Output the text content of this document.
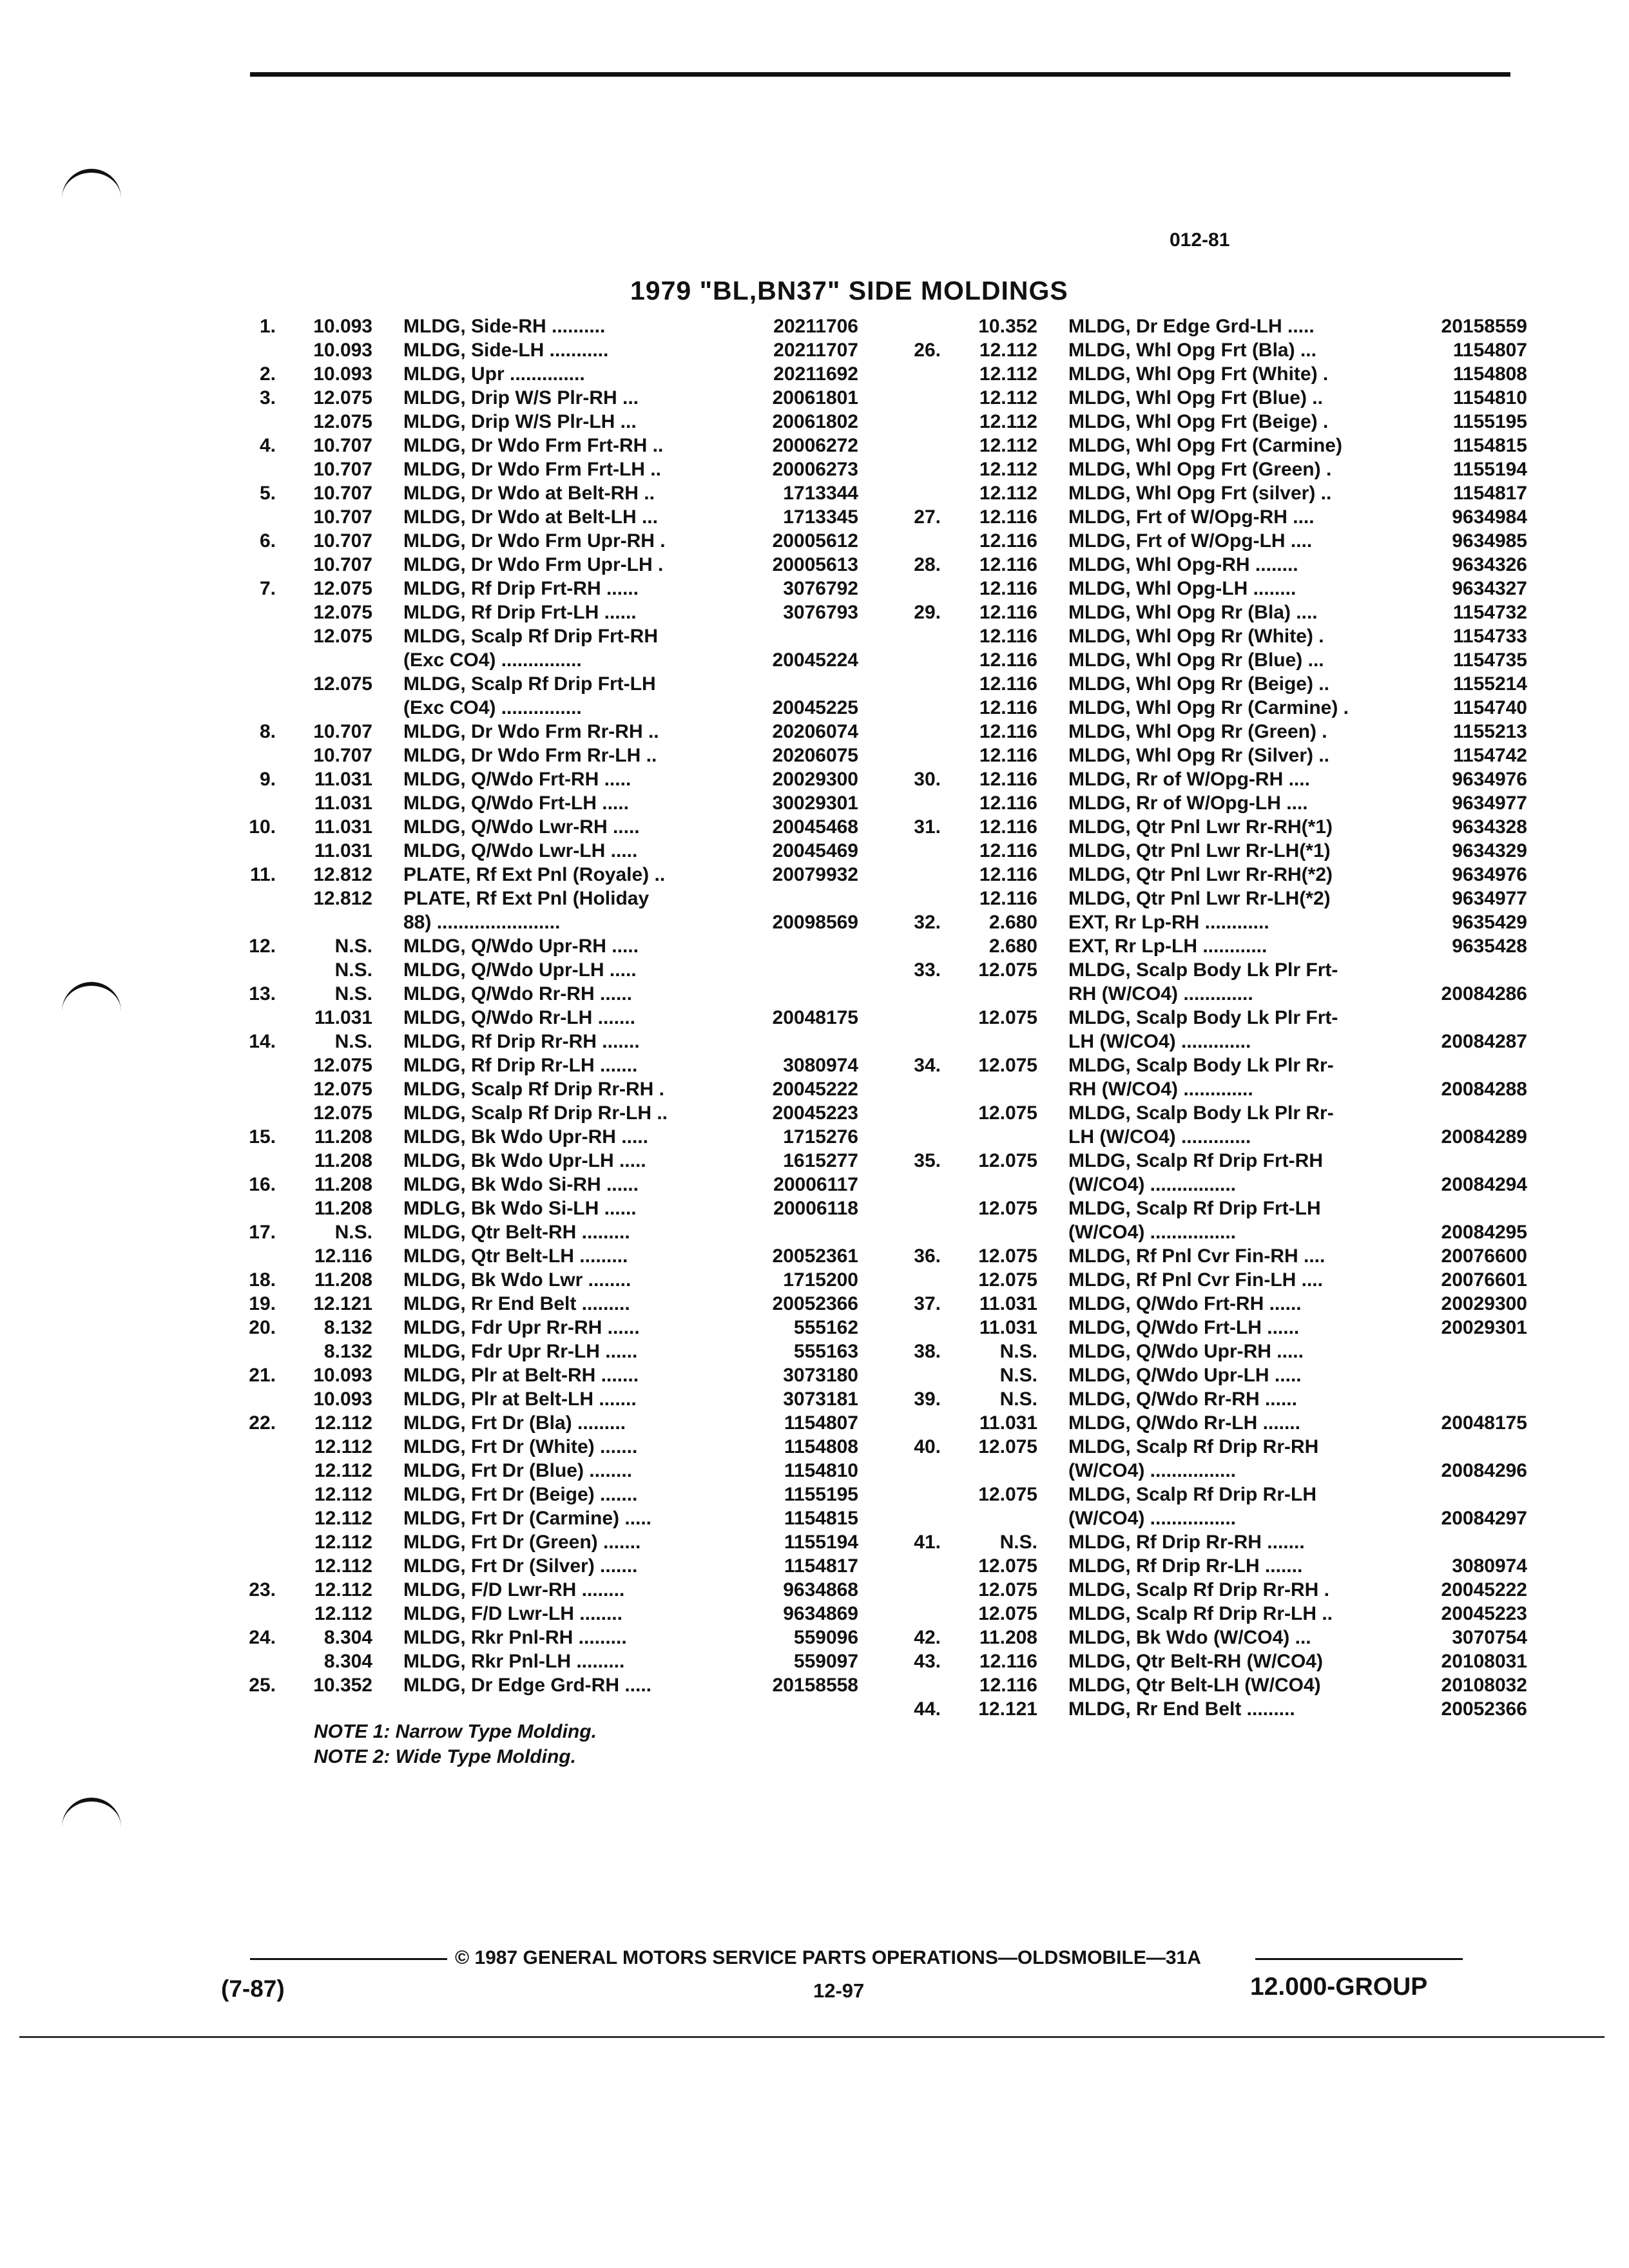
012-81
1979 "BL,BN37" SIDE MOLDINGS
1.	10.093 MLDG, Side-RH ..........	20211706
10.093 MLDG, Side-LH ...........	20211707
2.	10.093 MLDG, Upr ..............	20211692
3.	12.075 MLDG, Drip W/S Plr-RH ...	20061801
12.075 MLDG, Drip W/S Plr-LH ...	20061802
4.	10.707 MLDG, Dr Wdo Frm Frt-RH ..	20006272
10.707 MLDG, Dr Wdo Frm Frt-LH ..	20006273
5.	10.707 MLDG, Dr Wdo at Belt-RH ..	1713344
10.707 MLDG, Dr Wdo at Belt-LH ...	1713345
6.	10.707 MLDG, Dr Wdo Frm Upr-RH .	20005612
10.707 MLDG, Dr Wdo Frm Upr-LH .	20005613
7.	12.075 MLDG, Rf Drip Frt-RH ......	3076792
12.075 MLDG, Rf Drip Frt-LH ......	3076793
12.075 MLDG, Scalp Rf Drip Frt-RH
(Exc CO4) ...............	20045224
12.075 MLDG, Scalp Rf Drip Frt-LH
(Exc CO4) ...............	20045225
8.	10.707 MLDG, Dr Wdo Frm Rr-RH ..	20206074
10.707 MLDG, Dr Wdo Frm Rr-LH ..	20206075
9.	11.031 MLDG, Q/Wdo Frt-RH .....	20029300
11.031 MLDG, Q/Wdo Frt-LH .....	30029301
10.	11.031 MLDG, Q/Wdo Lwr-RH .....	20045468
11.031 MLDG, Q/Wdo Lwr-LH .....	20045469
11.	12.812 PLATE, Rf Ext Pnl (Royale) ..	20079932
12.812 PLATE, Rf Ext Pnl (Holiday
88) .......................	20098569
12.	N.S. MLDG, Q/Wdo Upr-RH .....
N.S. MLDG, Q/Wdo Upr-LH .....
13.	N.S. MLDG, Q/Wdo Rr-RH ......
11.031 MLDG, Q/Wdo Rr-LH .......	20048175
14.	N.S. MLDG, Rf Drip Rr-RH .......
12.075 MLDG, Rf Drip Rr-LH .......	3080974
12.075 MLDG, Scalp Rf Drip Rr-RH .	20045222
12.075 MLDG, Scalp Rf Drip Rr-LH ..	20045223
15.	11.208 MLDG, Bk Wdo Upr-RH .....	1715276
11.208 MLDG, Bk Wdo Upr-LH .....	1615277
16.	11.208 MLDG, Bk Wdo Si-RH ......	20006117
11.208 MDLG, Bk Wdo Si-LH ......	20006118
17.	N.S. MLDG, Qtr Belt-RH .........
12.116 MLDG, Qtr Belt-LH .........	20052361
18.	11.208 MLDG, Bk Wdo Lwr ........	1715200
19.	12.121 MLDG, Rr End Belt .........	20052366
20.	8.132 MLDG, Fdr Upr Rr-RH ......	555162
8.132 MLDG, Fdr Upr Rr-LH ......	555163
21.	10.093 MLDG, Plr at Belt-RH .......	3073180
10.093 MLDG, Plr at Belt-LH .......	3073181
22.	12.112 MLDG, Frt Dr (Bla) .........	1154807
12.112 MLDG, Frt Dr (White) .......	1154808
12.112 MLDG, Frt Dr (Blue) ........	1154810
12.112 MLDG, Frt Dr (Beige) .......	1155195
12.112 MLDG, Frt Dr (Carmine) .....	1154815
12.112 MLDG, Frt Dr (Green) .......	1155194
12.112 MLDG, Frt Dr (Silver) .......	1154817
23.	12.112 MLDG, F/D Lwr-RH ........	9634868
12.112 MLDG, F/D Lwr-LH ........	9634869
24.	8.304 MLDG, Rkr Pnl-RH .........	559096
8.304 MLDG, Rkr Pnl-LH .........	559097
25.	10.352 MLDG, Dr Edge Grd-RH .....	20158558
10.352 MLDG, Dr Edge Grd-LH .....	20158559
26.	12.112 MLDG, Whl Opg Frt (Bla) ...	1154807
12.112 MLDG, Whl Opg Frt (White) .	1154808
12.112 MLDG, Whl Opg Frt (Blue) ..	1154810
12.112 MLDG, Whl Opg Frt (Beige) .	1155195
12.112 MLDG, Whl Opg Frt (Carmine)	1154815
12.112 MLDG, Whl Opg Frt (Green) .	1155194
12.112 MLDG, Whl Opg Frt (silver) ..	1154817
27.	12.116 MLDG, Frt of W/Opg-RH ....	9634984
12.116 MLDG, Frt of W/Opg-LH ....	9634985
28.	12.116 MLDG, Whl Opg-RH ........	9634326
12.116 MLDG, Whl Opg-LH ........	9634327
29.	12.116 MLDG, Whl Opg Rr (Bla) ....	1154732
12.116 MLDG, Whl Opg Rr (White) .	1154733
12.116 MLDG, Whl Opg Rr (Blue) ...	1154735
12.116 MLDG, Whl Opg Rr (Beige) ..	1155214
12.116 MLDG, Whl Opg Rr (Carmine) .	1154740
12.116 MLDG, Whl Opg Rr (Green) .	1155213
12.116 MLDG, Whl Opg Rr (Silver) ..	1154742
30.	12.116 MLDG, Rr of W/Opg-RH ....	9634976
12.116 MLDG, Rr of W/Opg-LH ....	9634977
31.	12.116 MLDG, Qtr Pnl Lwr Rr-RH(*1)	9634328
12.116 MLDG, Qtr Pnl Lwr Rr-LH(*1)	9634329
12.116 MLDG, Qtr Pnl Lwr Rr-RH(*2)	9634976
12.116 MLDG, Qtr Pnl Lwr Rr-LH(*2)	9634977
32.	2.680 EXT, Rr Lp-RH ............	9635429
2.680 EXT, Rr Lp-LH ............	9635428
33.	12.075 MLDG, Scalp Body Lk Plr Frt-
RH (W/CO4) .............	20084286
12.075 MLDG, Scalp Body Lk Plr Frt-
LH (W/CO4) .............	20084287
34.	12.075 MLDG, Scalp Body Lk Plr Rr-
RH (W/CO4) .............	20084288
12.075 MLDG, Scalp Body Lk Plr Rr-
LH (W/CO4) .............	20084289
35.	12.075 MLDG, Scalp Rf Drip Frt-RH
(W/CO4) ................	20084294
12.075 MLDG, Scalp Rf Drip Frt-LH
(W/CO4) ................	20084295
36.	12.075 MLDG, Rf Pnl Cvr Fin-RH ....	20076600
12.075 MLDG, Rf Pnl Cvr Fin-LH ....	20076601
37.	11.031 MLDG, Q/Wdo Frt-RH ......	20029300
11.031 MLDG, Q/Wdo Frt-LH ......	20029301
38.	N.S. MLDG, Q/Wdo Upr-RH .....
N.S. MLDG, Q/Wdo Upr-LH .....
39.	N.S. MLDG, Q/Wdo Rr-RH ......
11.031 MLDG, Q/Wdo Rr-LH .......	20048175
40.	12.075 MLDG, Scalp Rf Drip Rr-RH
(W/CO4) ................	20084296
12.075 MLDG, Scalp Rf Drip Rr-LH
(W/CO4) ................	20084297
41.	N.S. MLDG, Rf Drip Rr-RH .......
12.075 MLDG, Rf Drip Rr-LH .......	3080974
12.075 MLDG, Scalp Rf Drip Rr-RH .	20045222
12.075 MLDG, Scalp Rf Drip Rr-LH ..	20045223
42.	11.208 MLDG, Bk Wdo (W/CO4) ...	3070754
43.	12.116 MLDG, Qtr Belt-RH (W/CO4)	20108031
12.116 MLDG, Qtr Belt-LH (W/CO4)	20108032
44.	12.121 MLDG, Rr End Belt .........	20052366
NOTE 1: Narrow Type Molding.
NOTE 2: Wide Type Molding.
© 1987 GENERAL MOTORS SERVICE PARTS OPERATIONS—OLDSMOBILE—31A
(7-87)	12-97	12.000-GROUP
